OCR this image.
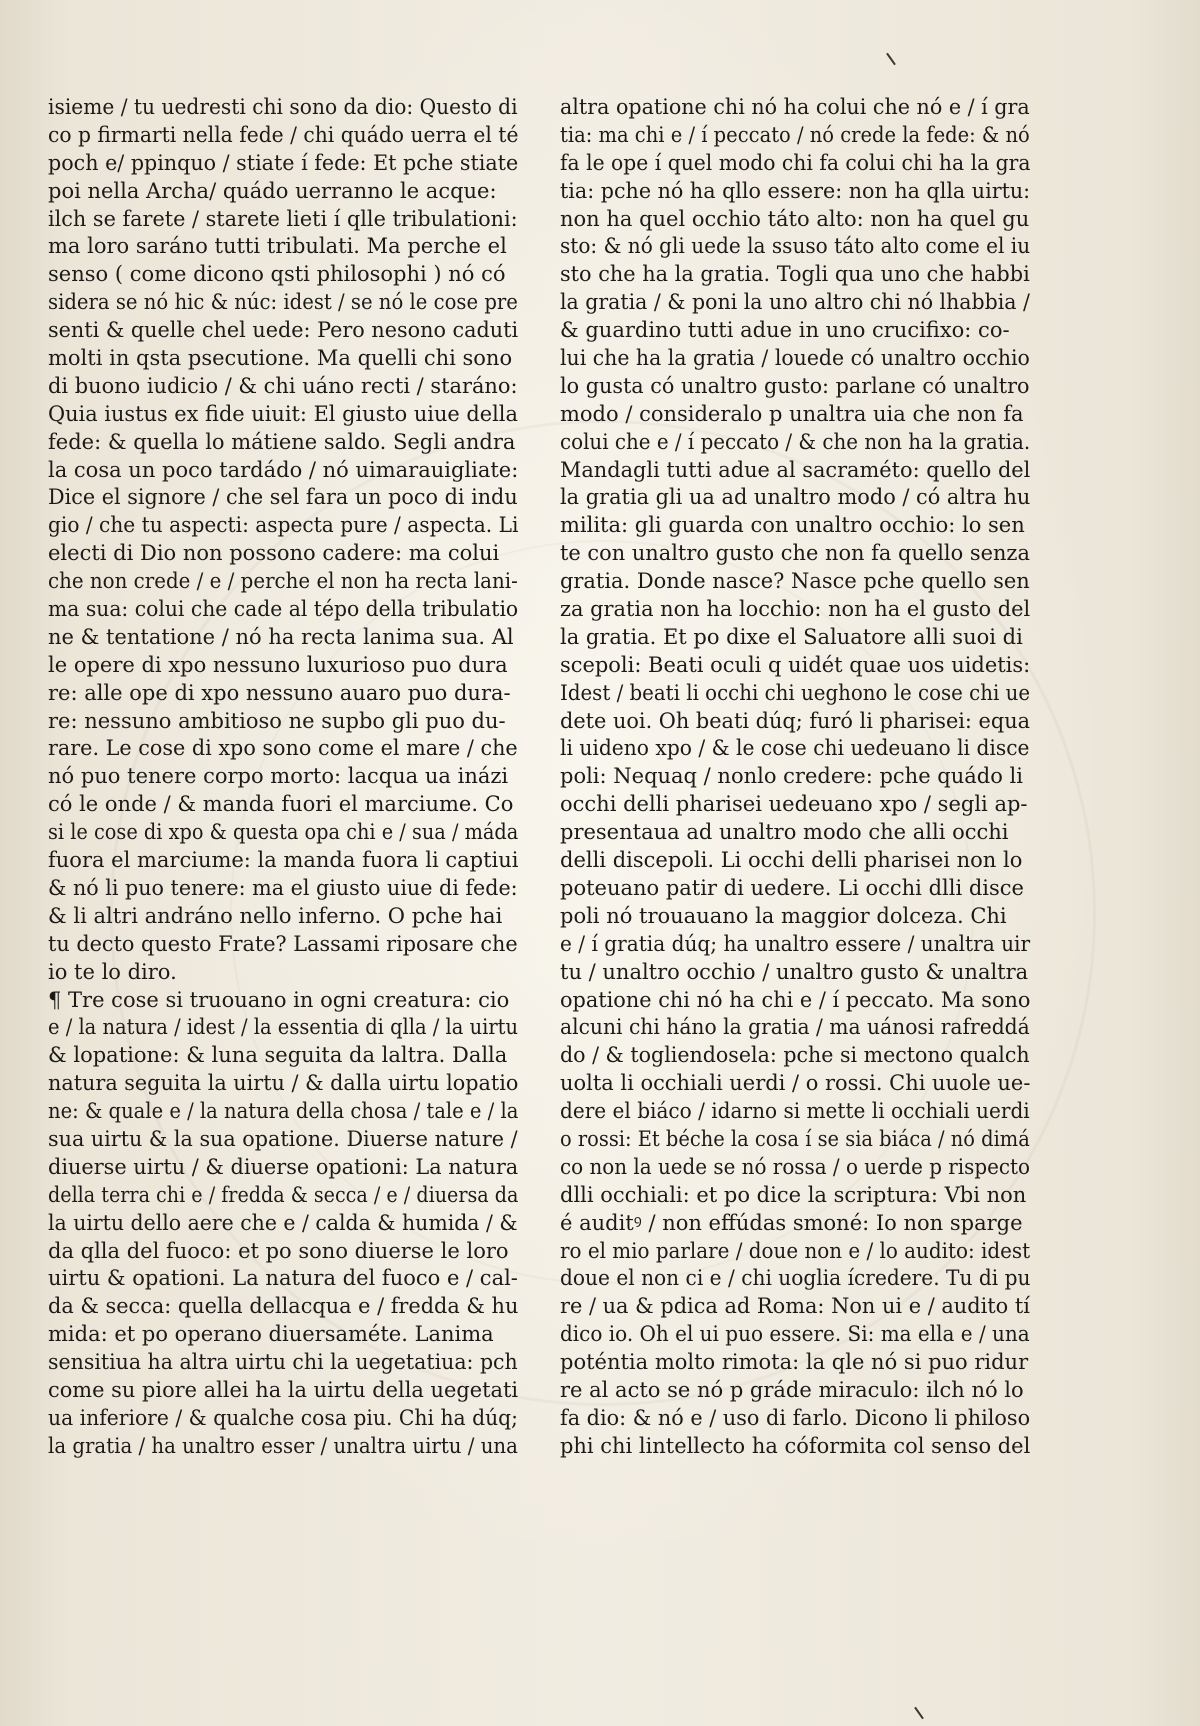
isieme / tu uedresti chi sono da dio: Questo di
co p firmarti nella fede / chi quádo uerra el té
poch e/ ppinquo / stiate í fede: Et pche stiate
poi nella Archa/ quádo uerranno le acque:
ilch se farete / starete lieti í qlle tribulationi:
ma loro saráno tutti tribulati. Ma perche el
senso ( come dicono qsti philosophi ) nó có
sidera se nó hic & núc: idest / se nó le cose pre
senti & quelle chel uede: Pero nesono caduti
molti in qsta psecutione. Ma quelli chi sono
di buono iudicio / & chi uáno recti / staráno:
Quia iustus ex fide uiuit: El giusto uiue della
fede: & quella lo mátiene saldo. Segli andra
la cosa un poco tardádo / nó uimarauigliate:
Dice el signore / che sel fara un poco di indu
gio / che tu aspecti: aspecta pure / aspecta. Li
electi di Dio non possono cadere: ma colui
che non crede / e / perche el non ha recta lani-
ma sua: colui che cade al tépo della tribulatio
ne & tentatione / nó ha recta lanima sua. Al
le opere di xpo nessuno luxurioso puo dura
re: alle ope di xpo nessuno auaro puo dura-
re: nessuno ambitioso ne supbo gli puo du-
rare. Le cose di xpo sono come el mare / che
nó puo tenere corpo morto: lacqua ua inázi
có le onde / & manda fuori el marciume. Co
si le cose di xpo & questa opa chi e / sua / máda
fuora el marciume: la manda fuora li captiui
& nó li puo tenere: ma el giusto uiue di fede:
& li altri andráno nello inferno. O pche hai
tu decto questo Frate? Lassami riposare che
io te lo diro.
¶ Tre cose si truouano in ogni creatura: cio
e / la natura / idest / la essentia di qlla / la uirtu
& lopatione: & luna seguita da laltra. Dalla
natura seguita la uirtu / & dalla uirtu lopatio
ne: & quale e / la natura della chosa / tale e / la
sua uirtu & la sua opatione. Diuerse nature /
diuerse uirtu / & diuerse opationi: La natura
della terra chi e / fredda & secca / e / diuersa da
la uirtu dello aere che e / calda & humida / &
da qlla del fuoco: et po sono diuerse le loro
uirtu & opationi. La natura del fuoco e / cal-
da & secca: quella dellacqua e / fredda & hu
mida: et po operano diuersaméte. Lanima
sensitiua ha altra uirtu chi la uegetatiua: pch
come su piore allei ha la uirtu della uegetati
ua inferiore / & qualche cosa piu. Chi ha dúq;
la gratia / ha unaltro esser / unaltra uirtu / una
altra opatione chi nó ha colui che nó e / í gra
tia: ma chi e / í peccato / nó crede la fede: & nó
fa le ope í quel modo chi fa colui chi ha la gra
tia: pche nó ha qllo essere: non ha qlla uirtu:
non ha quel occhio táto alto: non ha quel gu
sto: & nó gli uede la ssuso táto alto come el iu
sto che ha la gratia. Togli qua uno che habbi
la gratia / & poni la uno altro chi nó lhabbia /
& guardino tutti adue in uno crucifixo: co-
lui che ha la gratia / louede có unaltro occhio
lo gusta có unaltro gusto: parlane có unaltro
modo / consideralo p unaltra uia che non fa
colui che e / í peccato / & che non ha la gratia.
Mandagli tutti adue al sacraméto: quello del
la gratia gli ua ad unaltro modo / có altra hu
milita: gli guarda con unaltro occhio: lo sen
te con unaltro gusto che non fa quello senza
gratia. Donde nasce? Nasce pche quello sen
za gratia non ha locchio: non ha el gusto del
la gratia. Et po dixe el Saluatore alli suoi di
scepoli: Beati oculi q uidét quae uos uidetis:
Idest / beati li occhi chi ueghono le cose chi ue
dete uoi. Oh beati dúq; furó li pharisei: equa
li uideno xpo / & le cose chi uedeuano li disce
poli: Nequaq / nonlo credere: pche quádo li
occhi delli pharisei uedeuano xpo / segli ap-
presentaua ad unaltro modo che alli occhi
delli discepoli. Li occhi delli pharisei non lo
poteuano patir di uedere. Li occhi dlli disce
poli nó trouauano la maggior dolceza. Chi
e / í gratia dúq; ha unaltro essere / unaltra uir
tu / unaltro occhio / unaltro gusto & unaltra
opatione chi nó ha chi e / í peccato. Ma sono
alcuni chi háno la gratia / ma uánosi rafreddá
do / & togliendosela: pche si mectono qualch
uolta li occhiali uerdi / o rossi. Chi uuole ue-
dere el biáco / idarno si mette li occhiali uerdi
o rossi: Et béche la cosa í se sia biáca / nó dimá
co non la uede se nó rossa / o uerde p rispecto
dlli occhiali: et po dice la scriptura: Vbi non
é auditꝰ / non effúdas smoné: Io non sparge
ro el mio parlare / doue non e / lo audito: idest
doue el non ci e / chi uoglia ícredere. Tu di pu
re / ua & pdica ad Roma: Non ui e / audito tí
dico io. Oh el ui puo essere. Si: ma ella e / una
poténtia molto rimota: la qle nó si puo ridur
re al acto se nó p gráde miraculo: ilch nó lo
fa dio: & nó e / uso di farlo. Dicono li philoso
phi chi lintellecto ha cóformita col senso del
